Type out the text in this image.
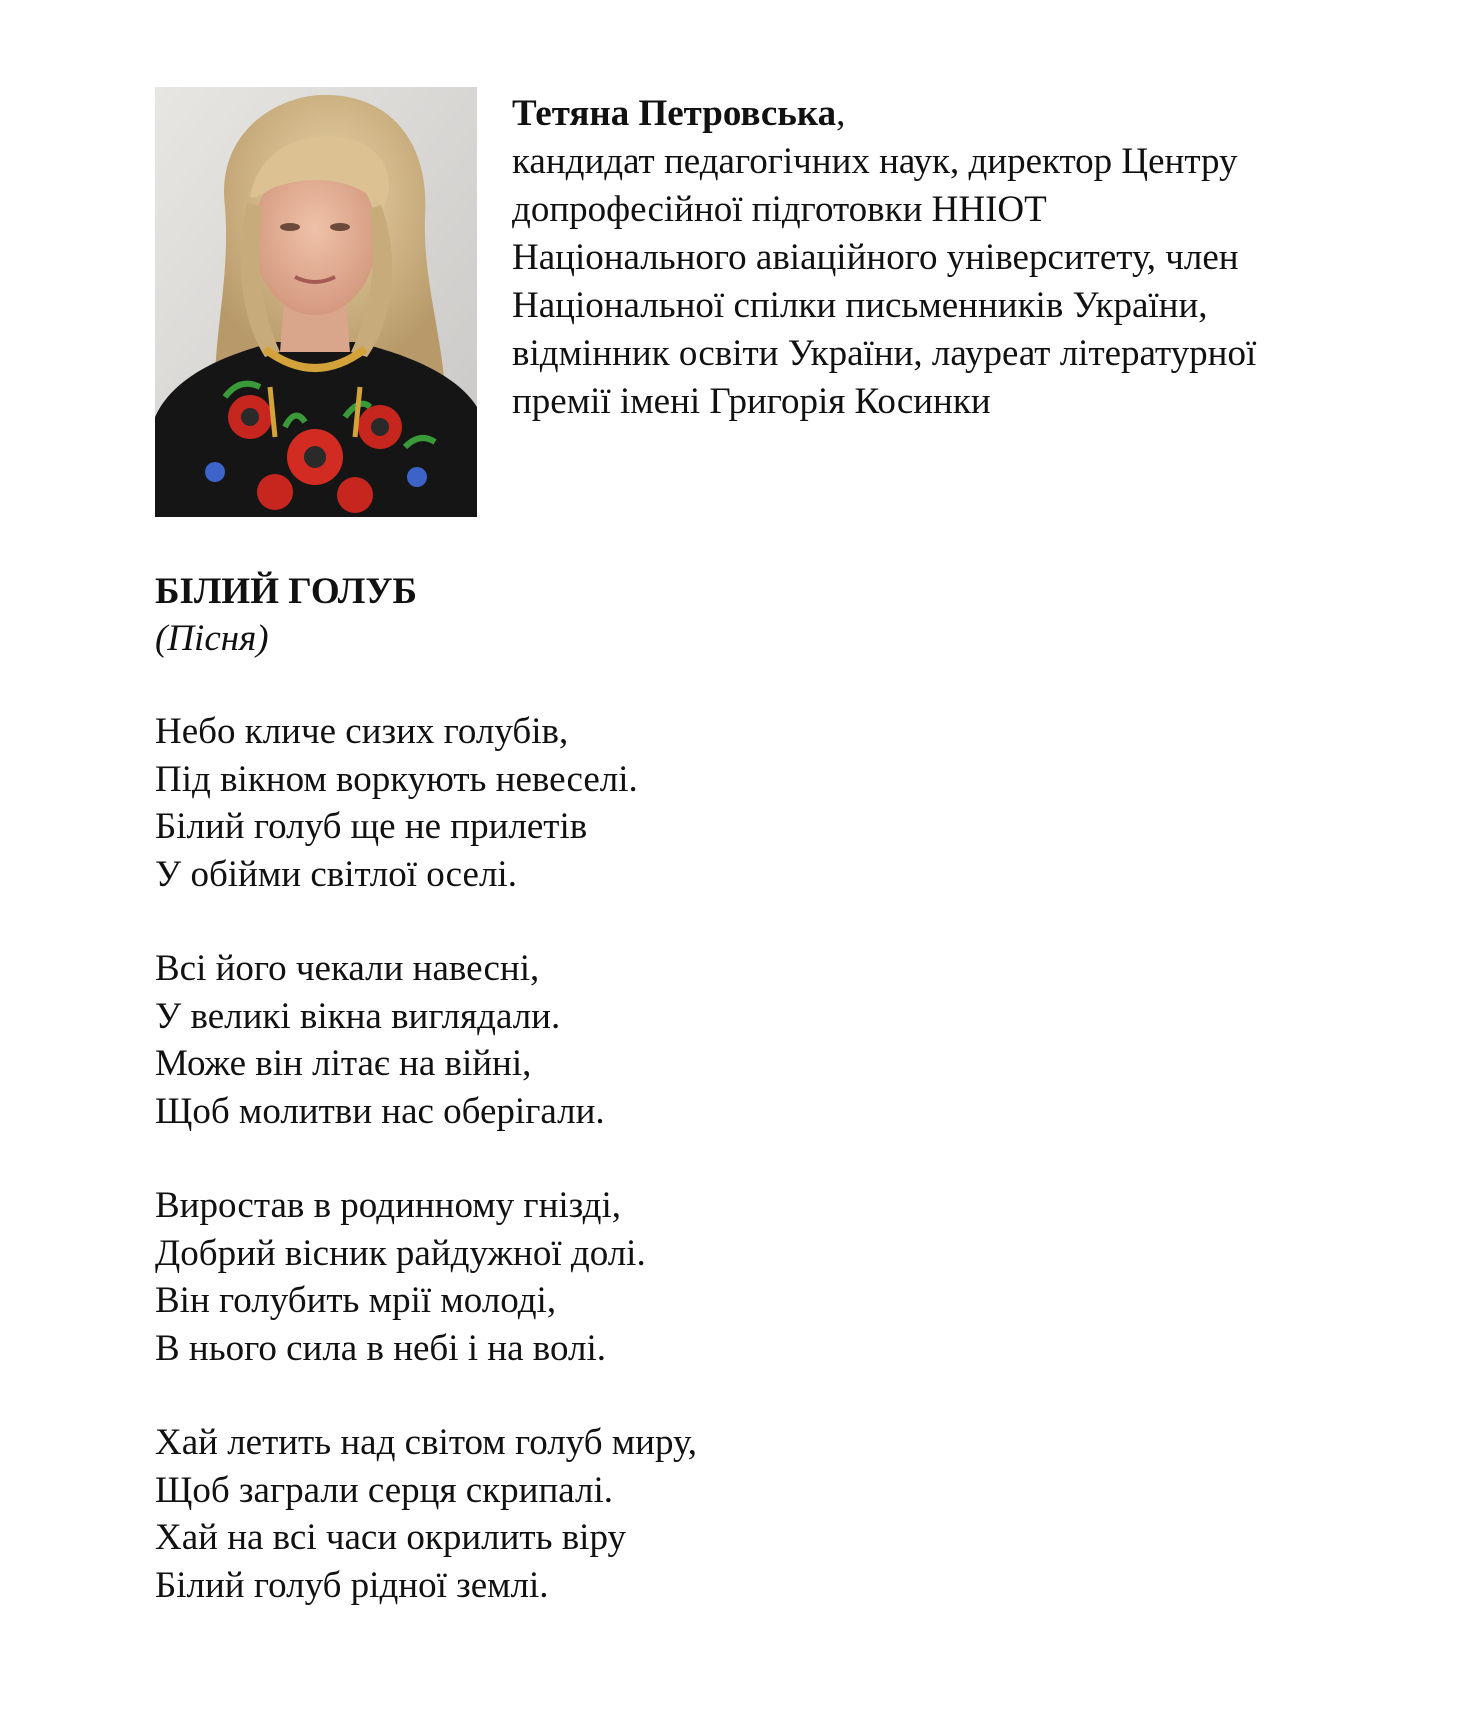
Тетяна Петровська,
кандидат педагогічних наук, директор Центру
допрофесійної підготовки ННІОТ
Національного авіаційного університету, член
Національної спілки письменників України,
відмінник освіти України, лауреат літературної
премії імені Григорія Косинки
БІЛИЙ ГОЛУБ
(Пісня)
Небо кличе сизих голубів,
Під вікном воркують невеселі.
Білий голуб ще не прилетів
У обійми світлої оселі.
Всі його чекали навесні,
У великі вікна виглядали.
Може він літає на війні,
Щоб молитви нас оберігали.
Виростав в родинному гнізді,
Добрий вісник райдужної долі.
Він голубить мрії молоді,
В нього сила в небі і на волі.
Хай летить над світом голуб миру,
Щоб заграли серця скрипалі.
Хай на всі часи окрилить віру
Білий голуб рідної землі.
